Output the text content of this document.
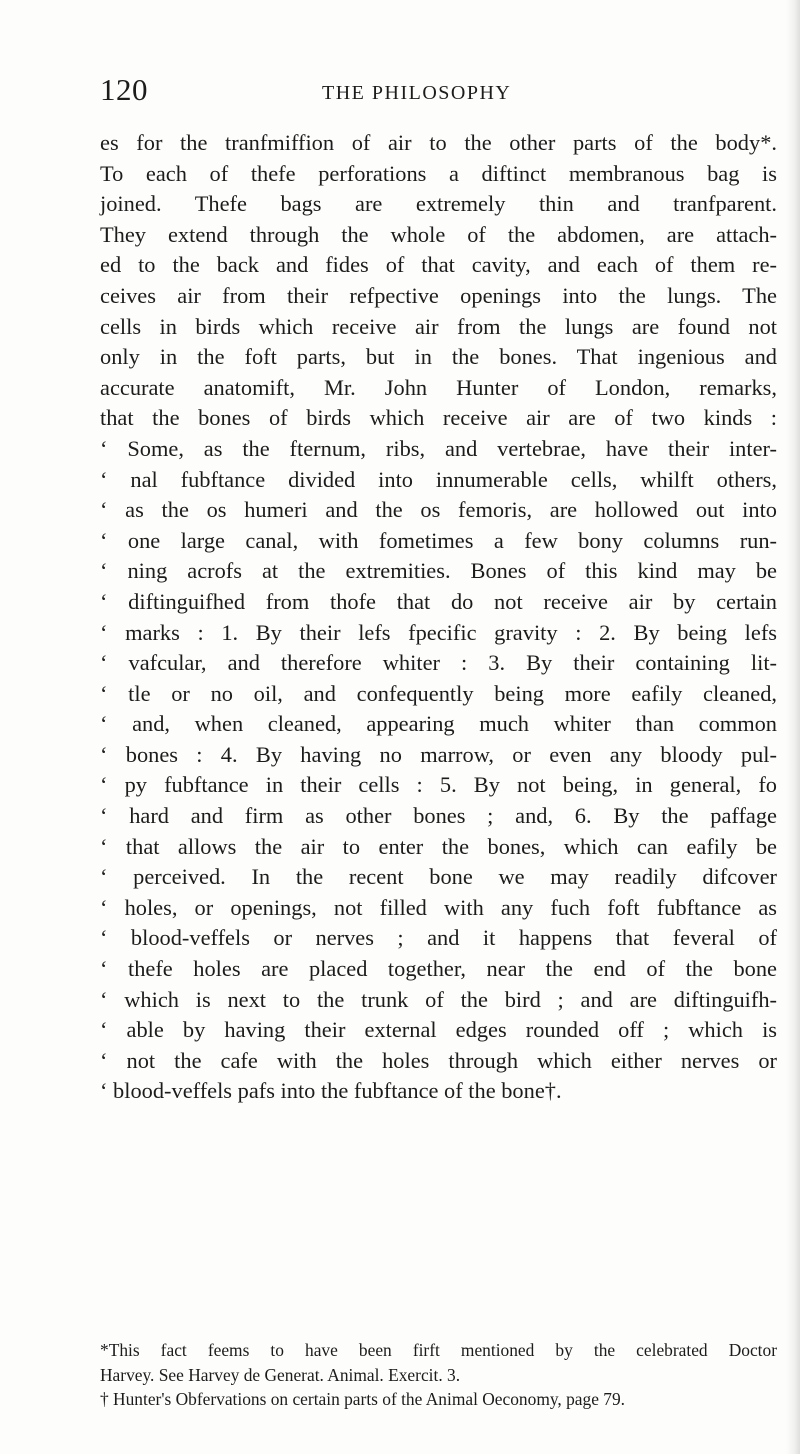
120	THE PHILOSOPHY
es for the tranfmiffion of air to the other parts of the body*.
To each of thefe perforations a diftinct membranous bag is
joined. Thefe bags are extremely thin and tranfparent.
They extend through the whole of the abdomen, are attach-
ed to the back and fides of that cavity, and each of them re-
ceives air from their refpective openings into the lungs. The
cells in birds which receive air from the lungs are found not
only in the foft parts, but in the bones. That ingenious and
accurate anatomift, Mr. John Hunter of London, remarks,
that the bones of birds which receive air are of two kinds :
‘ Some, as the fternum, ribs, and vertebrae, have their inter-
‘ nal fubftance divided into innumerable cells, whilft others,
‘ as the os humeri and the os femoris, are hollowed out into
‘ one large canal, with fometimes a few bony columns run-
‘ ning acrofs at the extremities. Bones of this kind may be
‘ diftinguifhed from thofe that do not receive air by certain
‘ marks : 1. By their lefs fpecific gravity : 2. By being lefs
‘ vafcular, and therefore whiter : 3. By their containing lit-
‘ tle or no oil, and confequently being more eafily cleaned,
‘ and, when cleaned, appearing much whiter than common
‘ bones : 4. By having no marrow, or even any bloody pul-
‘ py fubftance in their cells : 5. By not being, in general, fo
‘ hard and firm as other bones ; and, 6. By the paffage
‘ that allows the air to enter the bones, which can eafily be
‘ perceived. In the recent bone we may readily difcover
‘ holes, or openings, not filled with any fuch foft fubftance as
‘ blood-veffels or nerves ; and it happens that feveral of
‘ thefe holes are placed together, near the end of the bone
‘ which is next to the trunk of the bird ; and are diftinguifh-
‘ able by having their external edges rounded off ; which is
‘ not the cafe with the holes through which either nerves or
‘ blood-veffels pafs into the fubftance of the bone†.
*This fact feems to have been firft mentioned by the celebrated Doctor
Harvey. See Harvey de Generat. Animal. Exercit. 3.
† Hunter's Obfervations on certain parts of the Animal Oeconomy, page 79.
